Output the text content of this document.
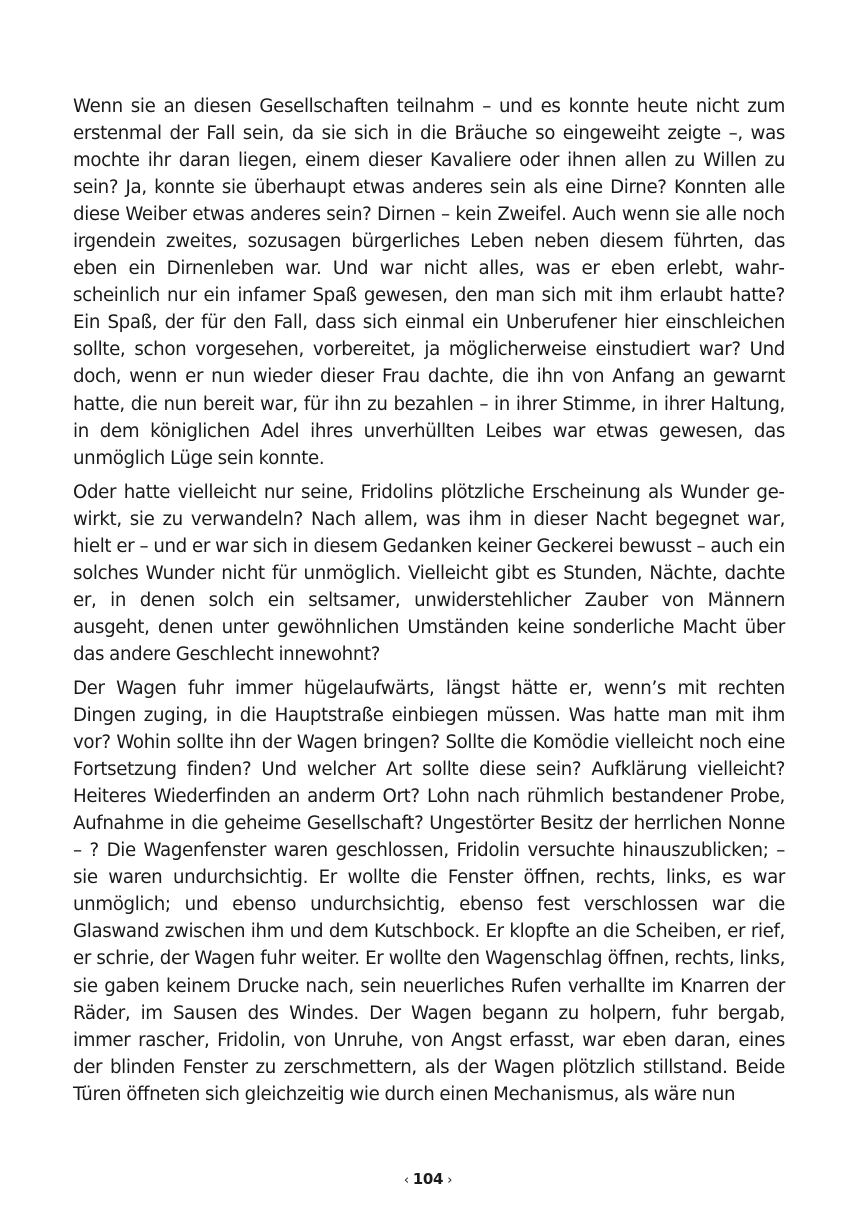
Wenn sie an diesen Gesellschaften teilnahm – und es konnte heute nicht zum erstenmal der Fall sein, da sie sich in die Bräuche so eingeweiht zeigte –, was mochte ihr daran liegen, einem dieser Kavaliere oder ihnen allen zu Willen zu sein? Ja, konnte sie überhaupt etwas anderes sein als eine Dirne? Konnten alle diese Weiber etwas anderes sein? Dirnen – kein Zweifel. Auch wenn sie alle noch irgendein zweites, sozusagen bürgerliches Leben neben diesem führten, das eben ein Dirnenleben war. Und war nicht alles, was er eben erlebt, wahrscheinlich nur ein infamer Spaß gewesen, den man sich mit ihm erlaubt hatte? Ein Spaß, der für den Fall, dass sich einmal ein Unberufener hier einschleichen sollte, schon vorgesehen, vorbereitet, ja möglicherweise einstudiert war? Und doch, wenn er nun wieder dieser Frau dachte, die ihn von Anfang an gewarnt hatte, die nun bereit war, für ihn zu bezahlen – in ihrer Stimme, in ihrer Haltung, in dem königlichen Adel ihres unverhüllten Leibes war etwas gewesen, das unmöglich Lüge sein konnte.

Oder hatte vielleicht nur seine, Fridolins plötzliche Erscheinung als Wunder gewirkt, sie zu verwandeln? Nach allem, was ihm in dieser Nacht begegnet war, hielt er – und er war sich in diesem Gedanken keiner Geckerei bewusst – auch ein solches Wunder nicht für unmöglich. Vielleicht gibt es Stunden, Nächte, dachte er, in denen solch ein seltsamer, unwiderstehlicher Zauber von Männern ausgeht, denen unter gewöhnlichen Umständen keine sonderliche Macht über das andere Geschlecht innewohnt?

Der Wagen fuhr immer hügelaufwärts, längst hätte er, wenn’s mit rechten Dingen zuging, in die Hauptstraße einbiegen müssen. Was hatte man mit ihm vor? Wohin sollte ihn der Wagen bringen? Sollte die Komödie vielleicht noch eine Fortsetzung finden? Und welcher Art sollte diese sein? Aufklärung vielleicht? Heiteres Wiederfinden an anderm Ort? Lohn nach rühmlich bestandener Probe, Aufnahme in die geheime Gesellschaft? Ungestörter Besitz der herrlichen Nonne – ? Die Wagenfenster waren geschlossen, Fridolin versuchte hinauszublicken; – sie waren undurchsichtig. Er wollte die Fenster öffnen, rechts, links, es war unmöglich; und ebenso undurchsichtig, ebenso fest verschlossen war die Glaswand zwischen ihm und dem Kutschbock. Er klopfte an die Scheiben, er rief, er schrie, der Wagen fuhr weiter. Er wollte den Wagenschlag öffnen, rechts, links, sie gaben keinem Drucke nach, sein neuerliches Rufen verhallte im Knarren der Räder, im Sausen des Windes. Der Wagen begann zu holpern, fuhr bergab, immer rascher, Fridolin, von Unruhe, von Angst erfasst, war eben daran, eines der blinden Fenster zu zerschmettern, als der Wagen plötzlich stillstand. Beide Türen öffneten sich gleichzeitig wie durch einen Mechanismus, als wäre nun

‹ 104 ›
